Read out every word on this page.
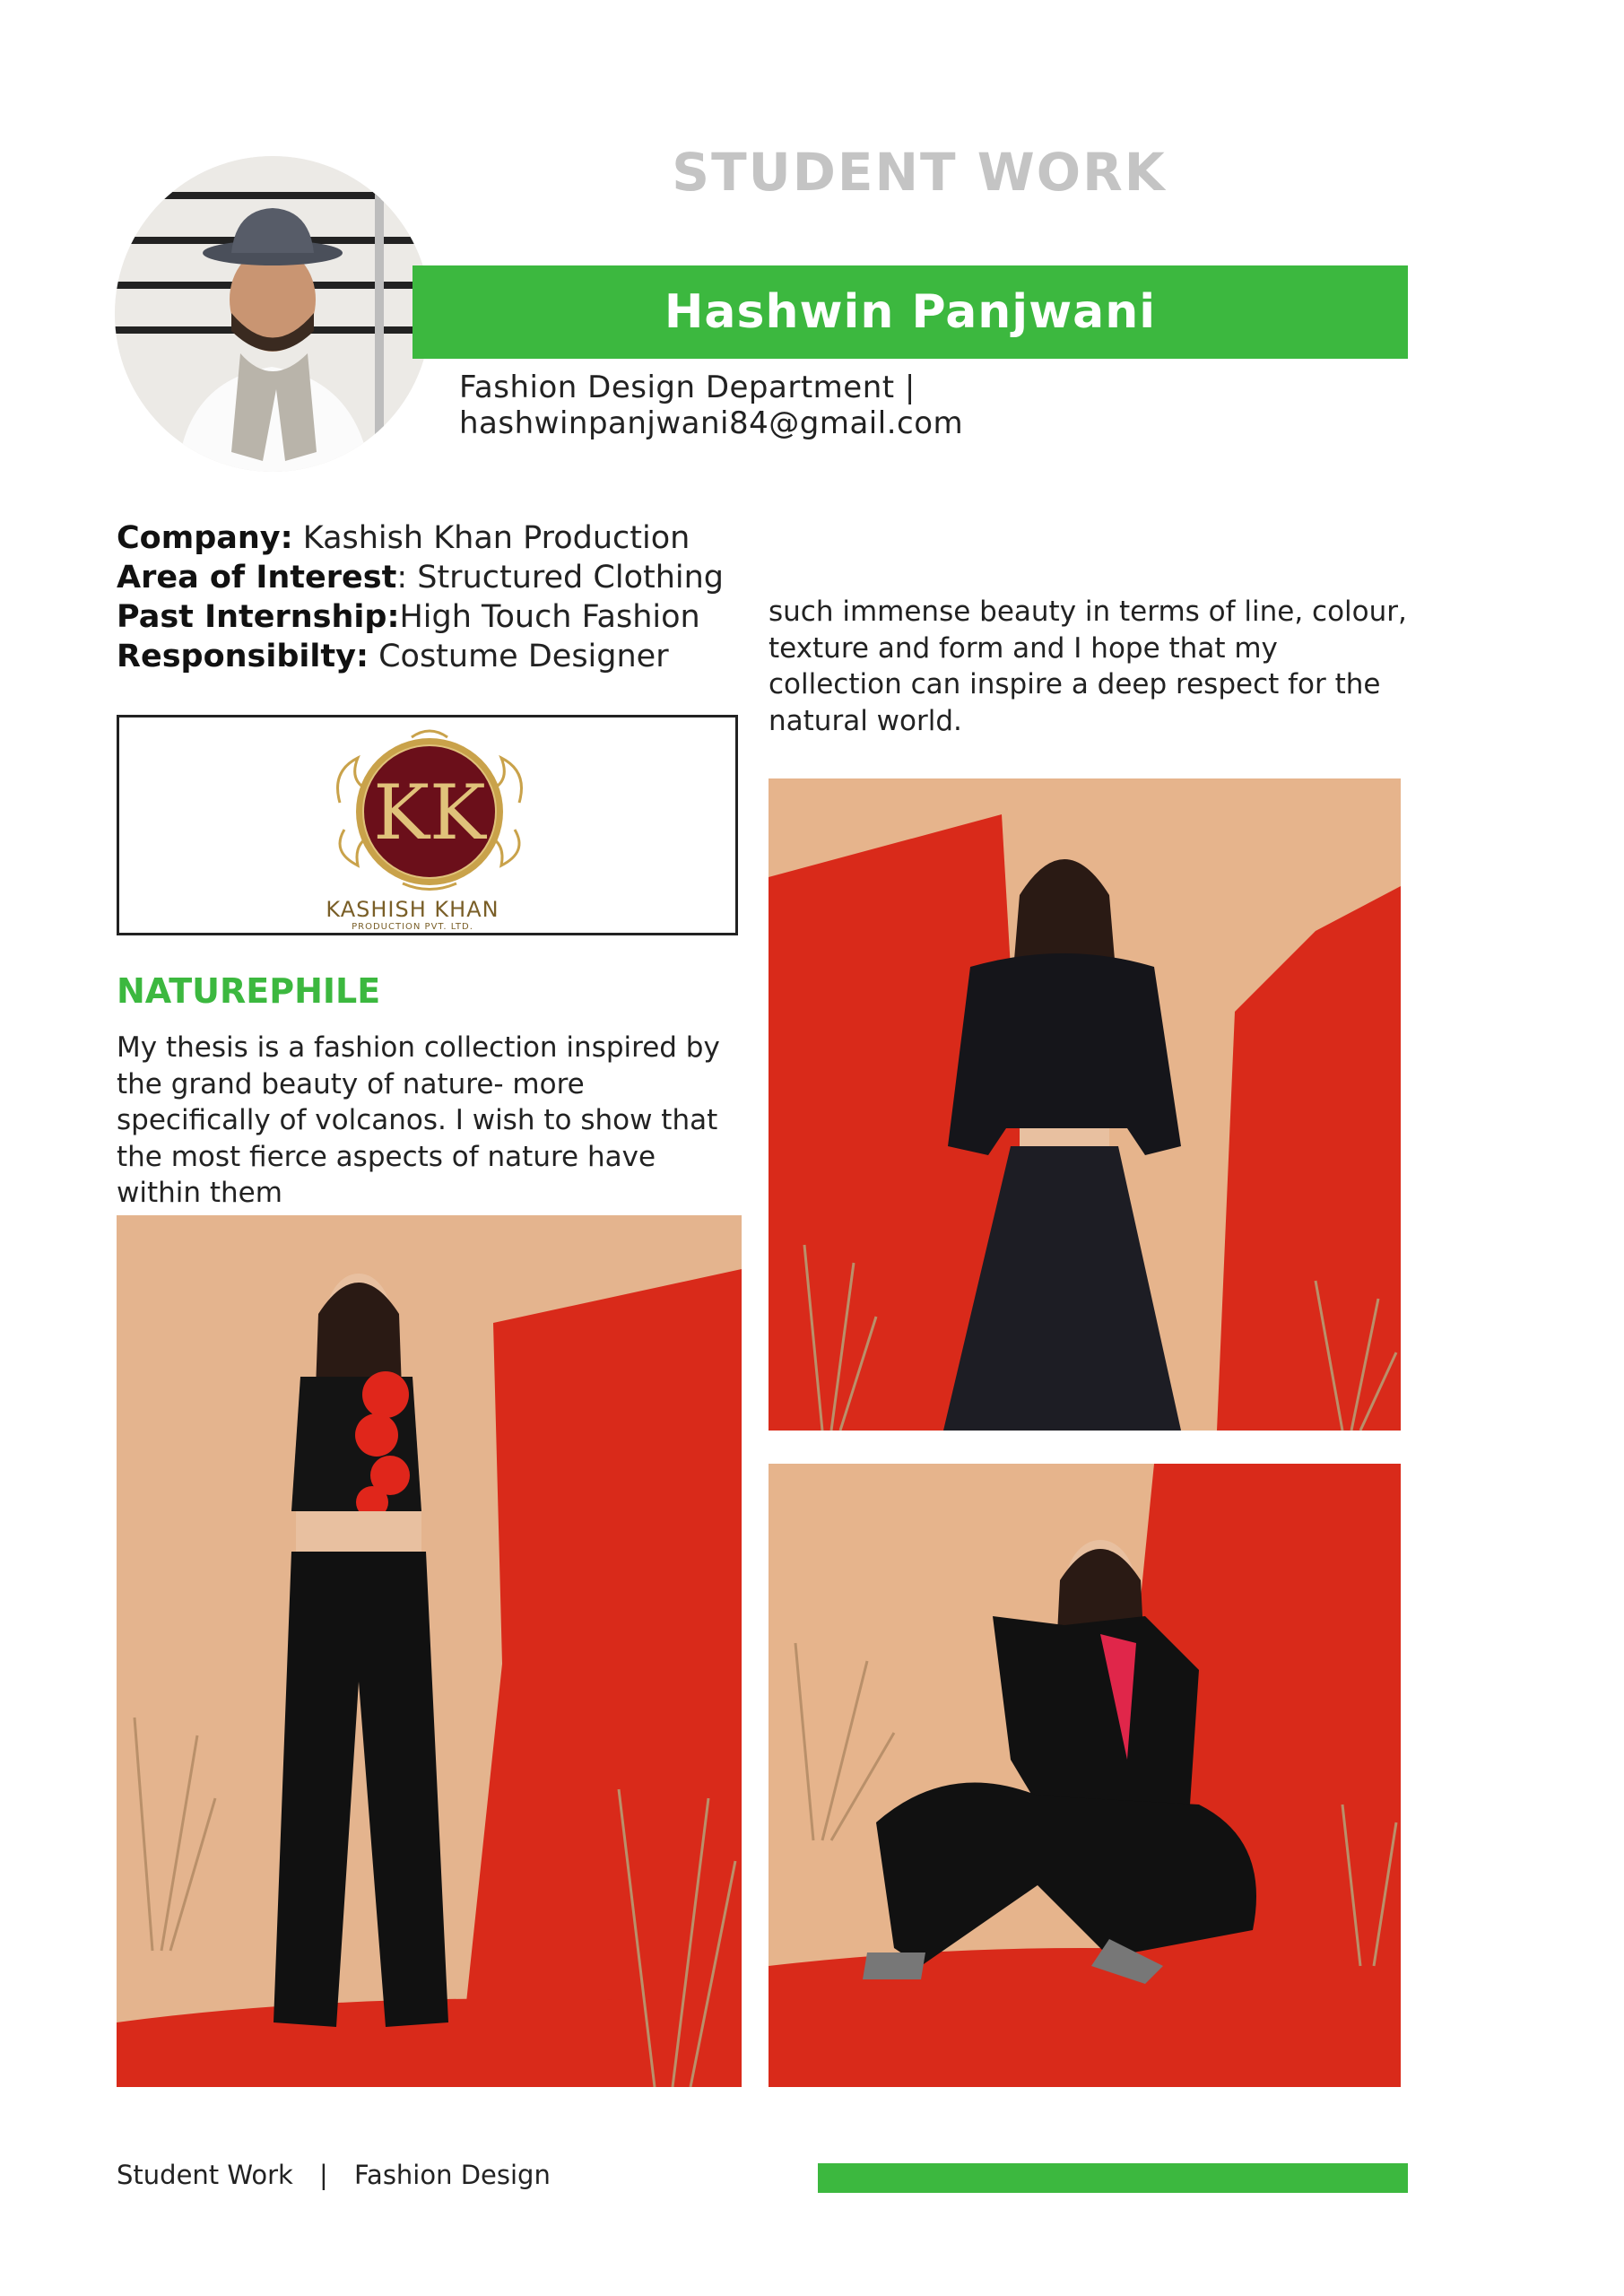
STUDENT WORK
Hashwin Panjwani
Fashion Design Department | hashwinpanjwani84@gmail.com
Company: Kashish Khan Production
Area of Interest: Structured Clothing
Past Internship:High Touch Fashion
Responsibilty: Costume Designer
KK
KASHISH KHAN
PRODUCTION PVT. LTD.
NATUREPHILE
My thesis is a fashion collection inspired by the grand beauty of nature- more specifically of volcanos. I wish to show that the most fierce aspects of nature have within them
such immense beauty in terms of line, colour, texture and form and I hope that my collection can inspire a deep respect for the natural world.
Student Work | Fashion Design
